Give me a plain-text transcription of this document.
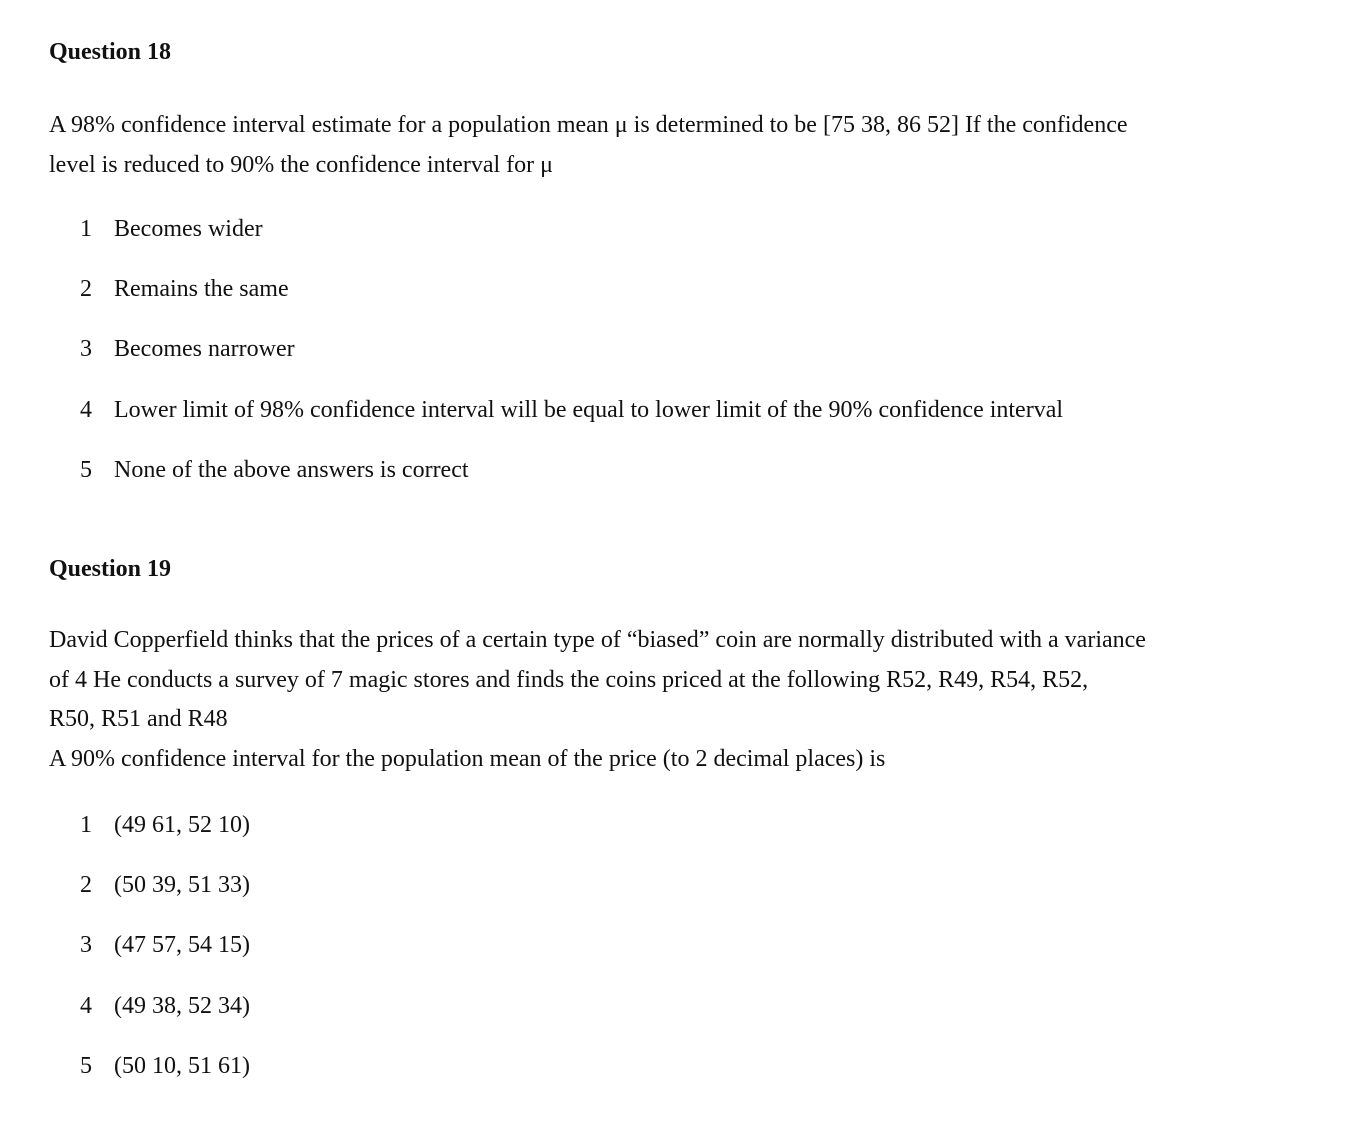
Question 18
A 98% confidence interval estimate for a population mean μ is determined to be [75 38, 86 52] If the confidence
level is reduced to 90% the confidence interval for μ
1 Becomes wider
2 Remains the same
3 Becomes narrower
4 Lower limit of 98% confidence interval will be equal to lower limit of the 90% confidence interval
5 None of the above answers is correct
Question 19
David Copperfield thinks that the prices of a certain type of “biased” coin are normally distributed with a variance
of 4 He conducts a survey of 7 magic stores and finds the coins priced at the following R52, R49, R54, R52,
R50, R51 and R48
A 90% confidence interval for the population mean of the price (to 2 decimal places) is
1 (49 61, 52 10)
2 (50 39, 51 33)
3 (47 57, 54 15)
4 (49 38, 52 34)
5 (50 10, 51 61)
